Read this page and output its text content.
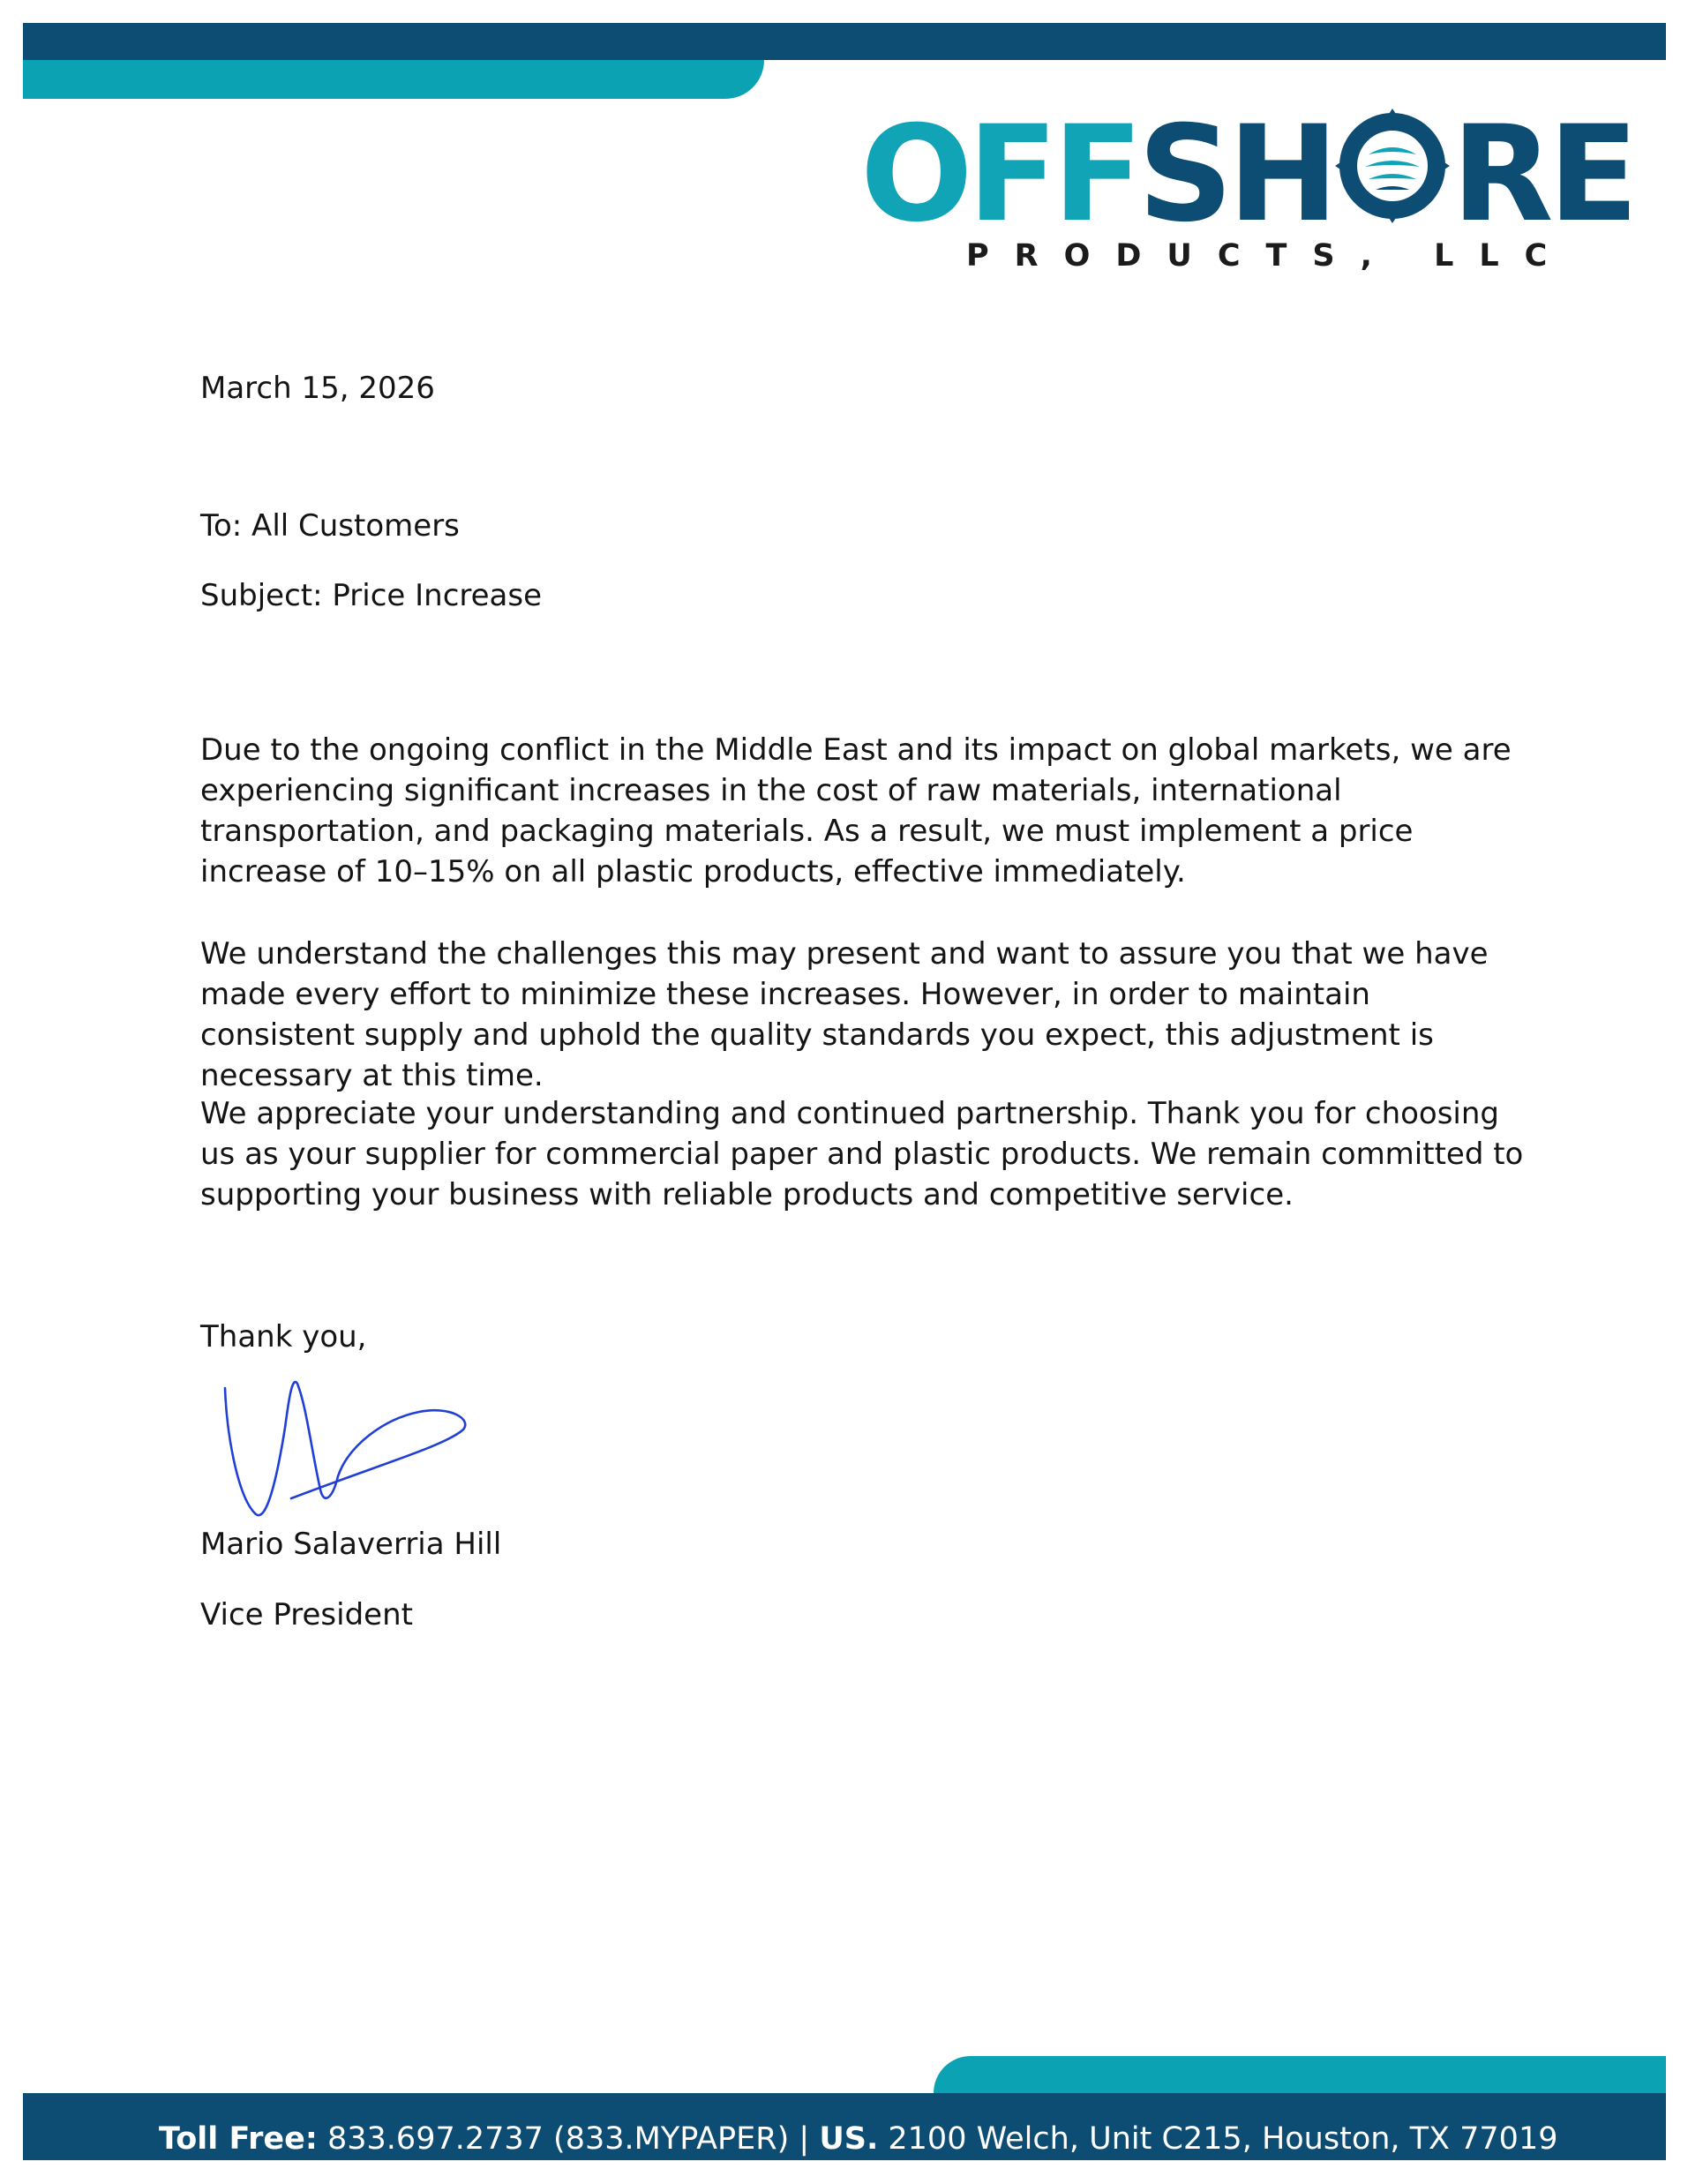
OFFSH RE
PRODUCTS, LLC
March 15, 2026
To: All Customers
Subject: Price Increase

Due to the ongoing conflict in the Middle East and its impact on global markets, we are experiencing significant increases in the cost of raw materials, international transportation, and packaging materials. As a result, we must implement a price increase of 10–15% on all plastic products, effective immediately.

We understand the challenges this may present and want to assure you that we have made every effort to minimize these increases. However, in order to maintain consistent supply and uphold the quality standards you expect, this adjustment is necessary at this time.

We appreciate your understanding and continued partnership. Thank you for choosing us as your supplier for commercial paper and plastic products. We remain committed to supporting your business with reliable products and competitive service.

Thank you,
Mario Salaverria Hill
Vice President
Toll Free: 833.697.2737 (833.MYPAPER) | US. 2100 Welch, Unit C215, Houston, TX 77019
